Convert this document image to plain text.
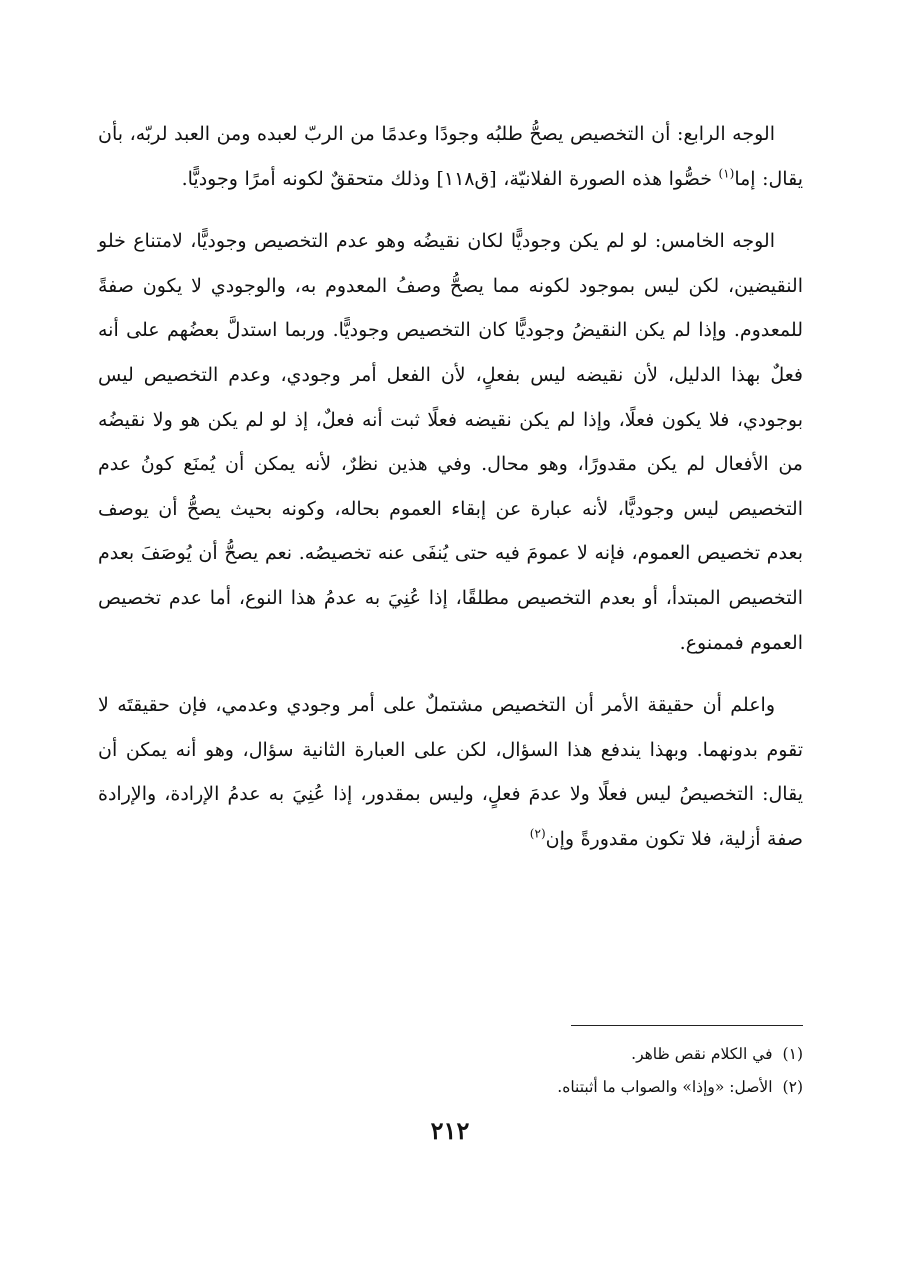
الوجه الرابع: أن التخصيص يصحُّ طلبُه وجودًا وعدمًا من الربّ لعبده ومن العبد لربّه، بأن يقال: إما$^{(١)}$ خصُّوا هذه الصورة الفلانيّة، [ق١١٨] وذلك متحققٌ لكونه أمرًا وجوديًّا.

الوجه الخامس: لو لم يكن وجوديًّا لكان نقيضُه وهو عدم التخصيص وجوديًّا، لامتناع خلو النقيضين، لكن ليس بموجود لكونه مما يصحُّ وصفُ المعدوم به، والوجودي لا يكون صفةً للمعدوم. وإذا لم يكن النقيضُ وجوديًّا كان التخصيص وجوديًّا. وربما استدلَّ بعضُهم على أنه فعلٌ بهذا الدليل، لأن نقيضه ليس بفعلٍ، لأن الفعل أمر وجودي، وعدم التخصيص ليس بوجودي، فلا يكون فعلًا، وإذا لم يكن نقيضه فعلًا ثبت أنه فعلٌ، إذ لو لم يكن هو ولا نقيضُه من الأفعال لم يكن مقدورًا، وهو محال. وفي هذين نظرٌ، لأنه يمكن أن يُمنَع كونُ عدم التخصيص ليس وجوديًّا، لأنه عبارة عن إبقاء العموم بحاله، وكونه بحيث يصحُّ أن يوصف بعدم تخصيص العموم، فإنه لا عمومَ فيه حتى يُنفَى عنه تخصيصُه. نعم يصحُّ أن يُوصَفَ بعدم التخصيص المبتدأ، أو بعدم التخصيص مطلقًا، إذا عُنِيَ به عدمُ هذا النوع، أما عدم تخصيص العموم فممنوع.

واعلم أن حقيقة الأمر أن التخصيص مشتملٌ على أمر وجودي وعدمي، فإن حقيقتَه لا تقوم بدونهما. وبهذا يندفع هذا السؤال، لكن على العبارة الثانية سؤال، وهو أنه يمكن أن يقال: التخصيصُ ليس فعلًا ولا عدمَ فعلٍ، وليس بمقدور، إذا عُنِيَ به عدمُ الإرادة، والإرادة صفة أزلية، فلا تكون مقدورةً وإن$^{(٢)}$

(١)
في الكلام نقص ظاهر.
(٢)
الأصل: «وإذا» والصواب ما أثبتناه.
٢١٢
